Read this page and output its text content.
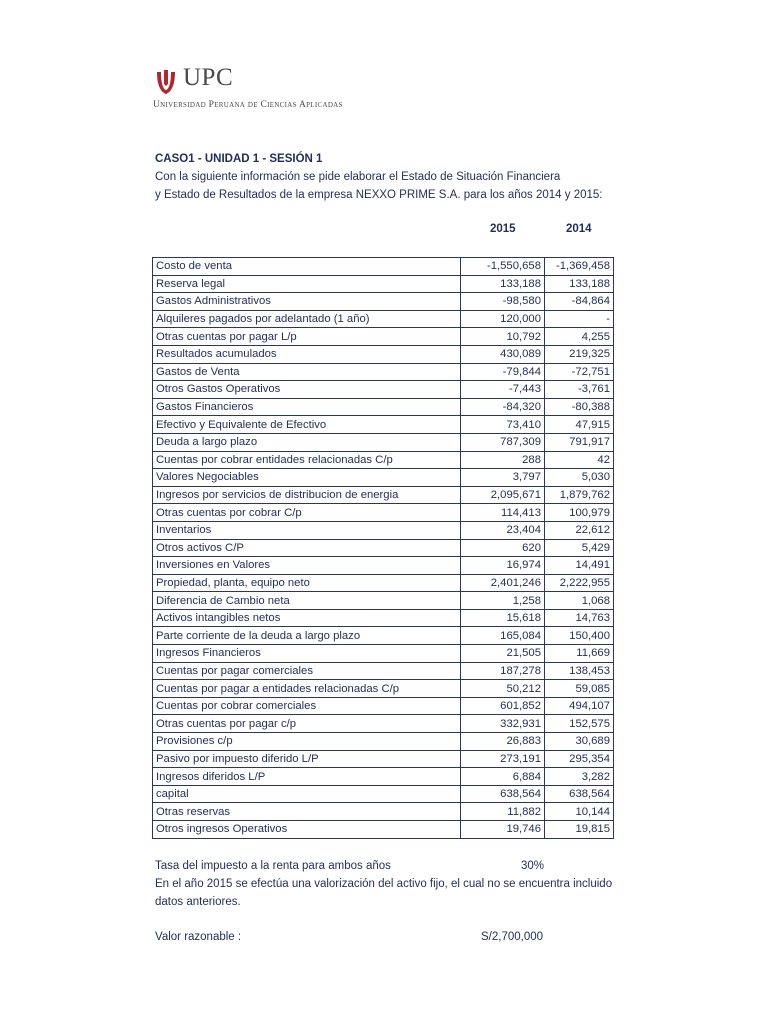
UPC
Universidad Peruana de Ciencias Aplicadas
CASO1 - UNIDAD 1 - SESIÓN 1
Con la siguiente información se pide elaborar el Estado de Situación Financiera
y Estado de Resultados de la empresa NEXXO PRIME S.A. para los años 2014 y 2015:
2015	2014
Costo de venta	-1,550,658	-1,369,458
Reserva legal	133,188	133,188
Gastos Administrativos	-98,580	-84,864
Alquileres pagados por adelantado (1 año)	120,000	-
Otras cuentas por pagar L/p	10,792	4,255
Resultados acumulados	430,089	219,325
Gastos de Venta	-79,844	-72,751
Otros Gastos Operativos	-7,443	-3,761
Gastos Financieros	-84,320	-80,388
Efectivo y Equivalente de Efectivo	73,410	47,915
Deuda a largo plazo	787,309	791,917
Cuentas por cobrar entidades relacionadas C/p	288	42
Valores Negociables	3,797	5,030
Ingresos por servicios de distribucion de energia	2,095,671	1,879,762
Otras cuentas por cobrar C/p	114,413	100,979
Inventarios	23,404	22,612
Otros activos C/P	620	5,429
Inversiones en Valores	16,974	14,491
Propiedad, planta, equipo neto	2,401,246	2,222,955
Diferencia de Cambio neta	1,258	1,068
Activos intangibles netos	15,618	14,763
Parte corriente de la deuda a largo plazo	165,084	150,400
Ingresos Financieros	21,505	11,669
Cuentas por pagar comerciales	187,278	138,453
Cuentas por pagar a entidades relacionadas C/p	50,212	59,085
Cuentas por cobrar comerciales	601,852	494,107
Otras cuentas por pagar c/p	332,931	152,575
Provisiones c/p	26,883	30,689
Pasivo por impuesto diferido L/P	273,191	295,354
Ingresos diferidos L/P	6,884	3,282
capital	638,564	638,564
Otras reservas	11,882	10,144
Otros ingresos Operativos	19,746	19,815
Tasa del impuesto a la renta para ambos años	30%
En el año 2015 se efectúa una valorización del activo fijo, el cual no se encuentra incluido
datos anteriores.
Valor razonable :	S/2,700,000
